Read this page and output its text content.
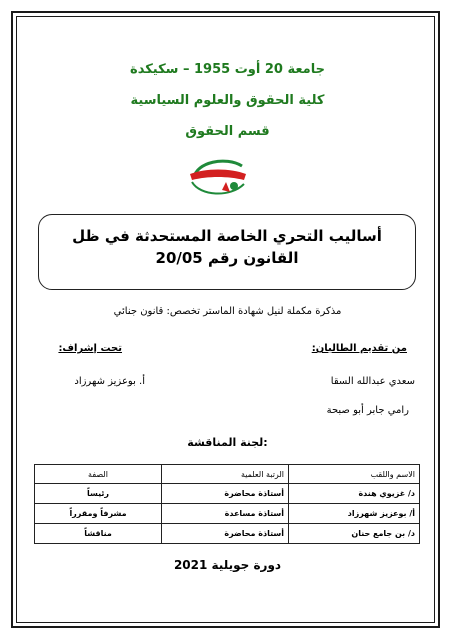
جامعة 20 أوت 1955 – سكيكدة
كلية الحقوق والعلوم السياسية
قسم الحقوق
أساليب التحري الخاصة المستحدثة في ظل
القانون رقم 20/05
مذكرة مكملة لنيل شهادة الماستر تخصص: قانون جنائي
من تقديم الطالبان:
تحت إشراف:
سعدي عبدالله السقا
رامي جابر أبو صبحة
أ. بوعزيز شهرزاد
لجنة المناقشة:
الاسم واللقب	الرتبة العلمية	الصفة
د/ غزيوي هندة	أستاذة محاضرة	رئيساً
أ/ بوعزيز شهرزاد	أستاذة مساعدة	مشرفاً ومقرراً
د/ بن جامع حنان	أستاذة محاضرة	مناقشاً
دورة جويلية 2021
